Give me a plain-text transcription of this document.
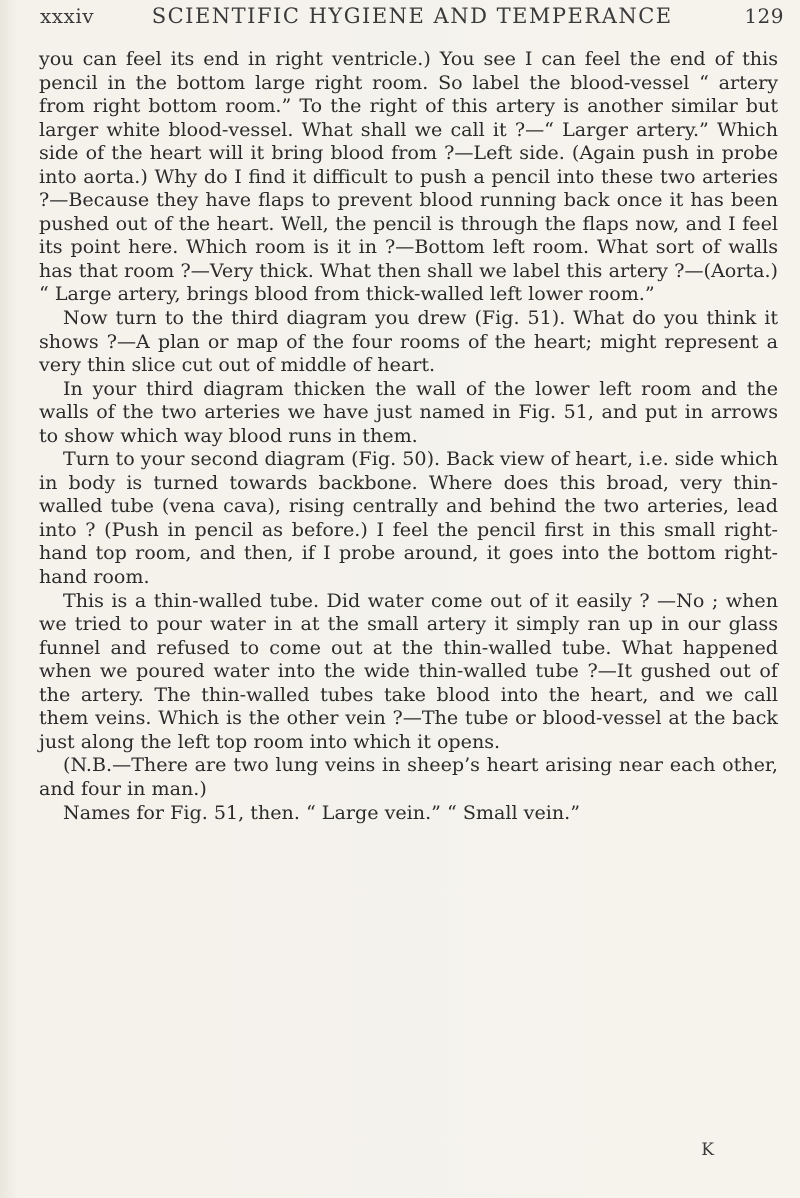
xxxiv	SCIENTIFIC HYGIENE AND TEMPERANCE	129

you can feel its end in right ventricle.) You see I can feel the end of this pencil in the bottom large right room. So label the blood-vessel “ artery from right bottom room.” To the right of this artery is another similar but larger white blood-vessel. What shall we call it ?—“ Larger artery.” Which side of the heart will it bring blood from ?—Left side. (Again push in probe into aorta.) Why do I find it difficult to push a pencil into these two arteries ?—Because they have flaps to prevent blood running back once it has been pushed out of the heart. Well, the pencil is through the flaps now, and I feel its point here. Which room is it in ?—Bottom left room. What sort of walls has that room ?—Very thick. What then shall we label this artery ?—(Aorta.) “ Large artery, brings blood from thick-walled left lower room.”

Now turn to the third diagram you drew (Fig. 51). What do you think it shows ?—A plan or map of the four rooms of the heart; might represent a very thin slice cut out of middle of heart.

In your third diagram thicken the wall of the lower left room and the walls of the two arteries we have just named in Fig. 51, and put in arrows to show which way blood runs in them.

Turn to your second diagram (Fig. 50). Back view of heart, i.e. side which in body is turned towards backbone. Where does this broad, very thin-walled tube (vena cava), rising centrally and behind the two arteries, lead into ? (Push in pencil as before.) I feel the pencil first in this small right-hand top room, and then, if I probe around, it goes into the bottom right-hand room.

This is a thin-walled tube. Did water come out of it easily ? —No ; when we tried to pour water in at the small artery it simply ran up in our glass funnel and refused to come out at the thin-walled tube. What happened when we poured water into the wide thin-walled tube ?—It gushed out of the artery. The thin-walled tubes take blood into the heart, and we call them veins. Which is the other vein ?—The tube or blood-vessel at the back just along the left top room into which it opens.

(N.B.—There are two lung veins in sheep’s heart arising near each other, and four in man.)

Names for Fig. 51, then. “ Large vein.” “ Small vein.”

K
